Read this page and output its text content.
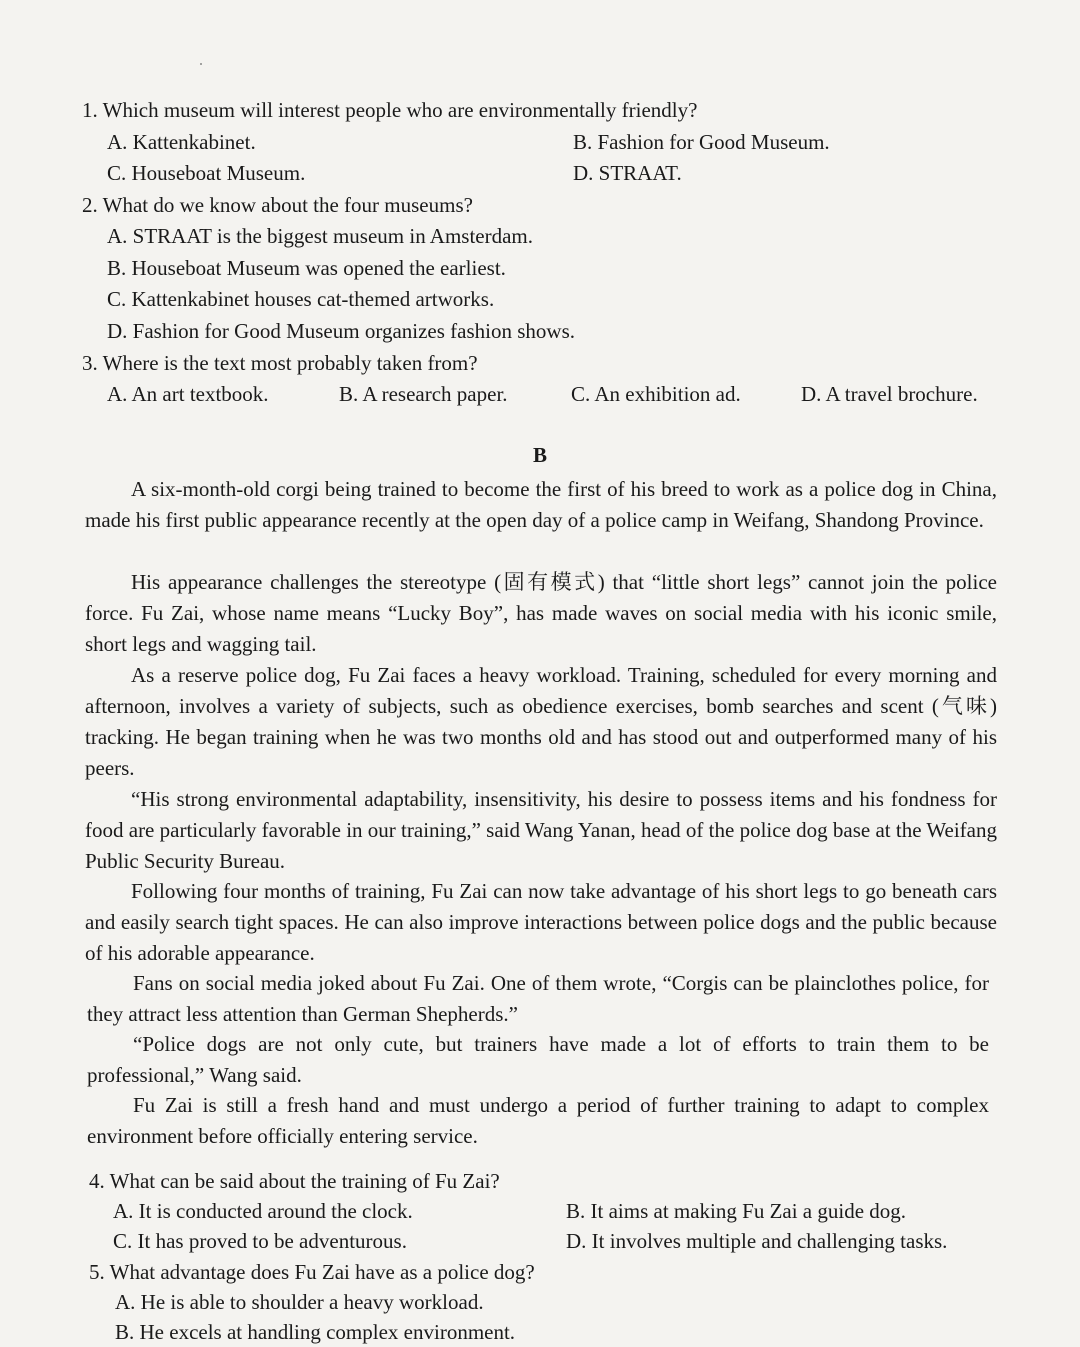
1. Which museum will interest people who are environmentally friendly?
A. Kattenkabinet.	B. Fashion for Good Museum.
C. Houseboat Museum.	D. STRAAT.
2. What do we know about the four museums?
A. STRAAT is the biggest museum in Amsterdam.
B. Houseboat Museum was opened the earliest.
C. Kattenkabinet houses cat-themed artworks.
D. Fashion for Good Museum organizes fashion shows.
3. Where is the text most probably taken from?
A. An art textbook.	B. A research paper.	C. An exhibition ad.	D. A travel brochure.
B
A six-month-old corgi being trained to become the first of his breed to work as a police dog in China, made his first public appearance recently at the open day of a police camp in Weifang, Shandong Province.
His appearance challenges the stereotype (固有模式) that “little short legs” cannot join the police force. Fu Zai, whose name means “Lucky Boy”, has made waves on social media with his iconic smile, short legs and wagging tail.
As a reserve police dog, Fu Zai faces a heavy workload. Training, scheduled for every morning and afternoon, involves a variety of subjects, such as obedience exercises, bomb searches and scent (气味) tracking. He began training when he was two months old and has stood out and outperformed many of his peers.
“His strong environmental adaptability, insensitivity, his desire to possess items and his fondness for food are particularly favorable in our training,” said Wang Yanan, head of the police dog base at the Weifang Public Security Bureau.
Following four months of training, Fu Zai can now take advantage of his short legs to go beneath cars and easily search tight spaces. He can also improve interactions between police dogs and the public because of his adorable appearance.
Fans on social media joked about Fu Zai. One of them wrote, “Corgis can be plainclothes police, for they attract less attention than German Shepherds.”
“Police dogs are not only cute, but trainers have made a lot of efforts to train them to be professional,” Wang said.
Fu Zai is still a fresh hand and must undergo a period of further training to adapt to complex environment before officially entering service.
4. What can be said about the training of Fu Zai?
A. It is conducted around the clock.	B. It aims at making Fu Zai a guide dog.
C. It has proved to be adventurous.	D. It involves multiple and challenging tasks.
5. What advantage does Fu Zai have as a police dog?
A. He is able to shoulder a heavy workload.
B. He excels at handling complex environment.
